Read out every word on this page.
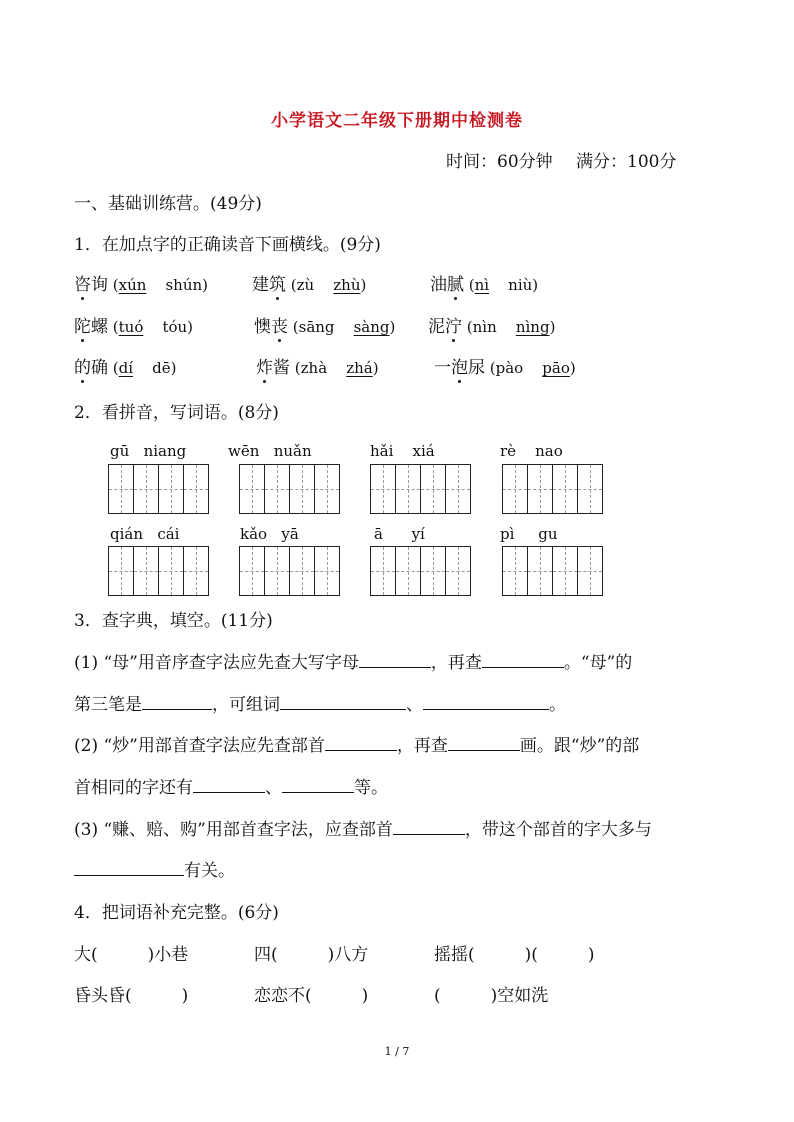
小学语文二年级下册期中检测卷
时间：60分钟 满分：100分
一、基础训练营。(49分)
1．在加点字的正确读音下画横线。(9分)
咨询 (xún shún)	建筑 (zù zhù)	油腻 (nì niù)
陀螺 (tuó tóu)	懊丧 (sāng sàng) 泥泞 (nìn nìng)
的确 (dí dē)	炸酱 (zhà zhá)	一泡尿 (pào pāo)
2．看拼音，写词语。(8分)
gū niang	wēn nuǎn	hǎi xiá	rè nao
qián cái	kǎo yā	ā yí	pì gu
3．查字典，填空。(11分)
(1) “母”用音序查字法应先查大写字母	，再查	。“母”的
第三笔是	，可组词	、	。
(2) “炒”用部首查字法应先查部首	，再查	画。跟“炒”的部
首相同的字还有	、	等。
(3) “赚、赔、购”用部首查字法，应查部首	，带这个部首的字大多与
有关。
4．把词语补充完整。(6分)
大(	)小巷	四(	)八方	摇摇(	)(	)
昏头昏(	)	恋恋不(	)	(	)空如洗
1 / 7
